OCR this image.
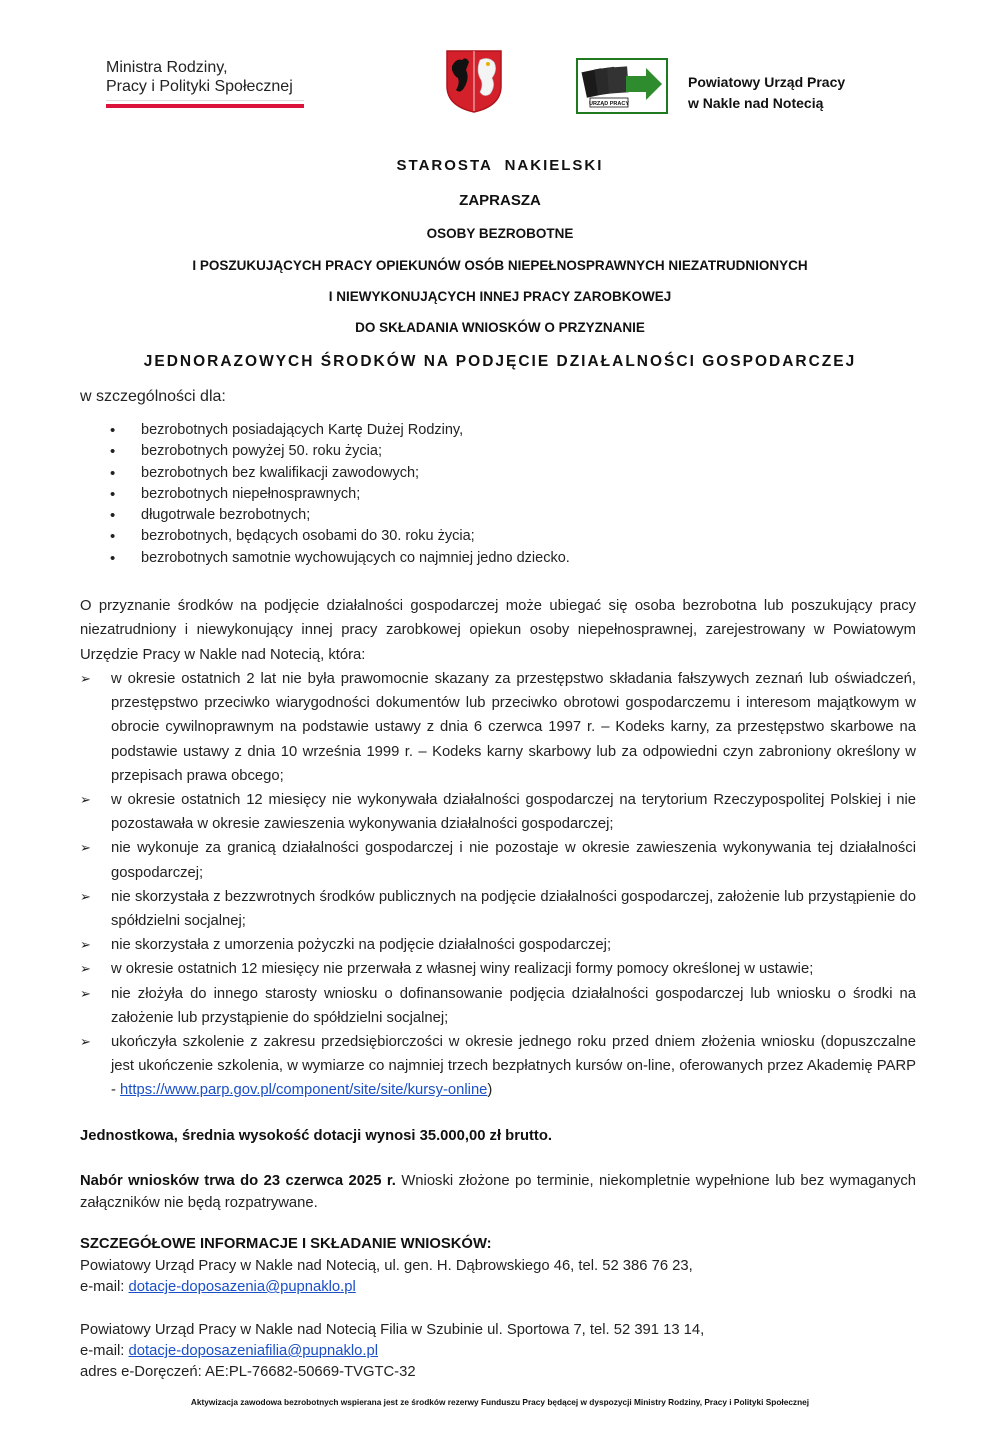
Ministra Rodziny,
Pracy i Polityki Społecznej
URZĄD PRACY
Powiatowy Urząd Pracy
w Nakle nad Notecią
STAROSTA  NAKIELSKI
ZAPRASZA
OSOBY BEZROBOTNE
I POSZUKUJĄCYCH PRACY OPIEKUNÓW OSÓB NIEPEŁNOSPRAWNYCH NIEZATRUDNIONYCH
I NIEWYKONUJĄCYCH INNEJ PRACY ZAROBKOWEJ
DO SKŁADANIA WNIOSKÓW O PRZYZNANIE
JEDNORAZOWYCH ŚRODKÓW NA PODJĘCIE DZIAŁALNOŚCI GOSPODARCZEJ
w szczególności dla:
• bezrobotnych posiadających Kartę Dużej Rodziny,
• bezrobotnych powyżej 50. roku życia;
• bezrobotnych bez kwalifikacji zawodowych;
• bezrobotnych niepełnosprawnych;
• długotrwale bezrobotnych;
• bezrobotnych, będących osobami do 30. roku życia;
• bezrobotnych samotnie wychowujących co najmniej jedno dziecko.
O przyznanie środków na podjęcie działalności gospodarczej może ubiegać się osoba bezrobotna lub poszukujący pracy niezatrudniony i niewykonujący innej pracy zarobkowej opiekun osoby niepełnosprawnej, zarejestrowany w Powiatowym Urzędzie Pracy w Nakle nad Notecią, która:
➢ w okresie ostatnich 2 lat nie była prawomocnie skazany za przestępstwo składania fałszywych zeznań lub oświadczeń, przestępstwo przeciwko wiarygodności dokumentów lub przeciwko obrotowi gospodarczemu i interesom majątkowym w obrocie cywilnoprawnym na podstawie ustawy z dnia 6 czerwca 1997 r. – Kodeks karny, za przestępstwo skarbowe na podstawie ustawy z dnia 10 września 1999 r. – Kodeks karny skarbowy lub za odpowiedni czyn zabroniony określony w przepisach prawa obcego;
➢ w okresie ostatnich 12 miesięcy nie wykonywała działalności gospodarczej na terytorium Rzeczypospolitej Polskiej i nie pozostawała w okresie zawieszenia wykonywania działalności gospodarczej;
➢ nie wykonuje za granicą działalności gospodarczej i nie pozostaje w okresie zawieszenia wykonywania tej działalności gospodarczej;
➢ nie skorzystała z bezzwrotnych środków publicznych na podjęcie działalności gospodarczej, założenie lub przystąpienie do spółdzielni socjalnej;
➢ nie skorzystała z umorzenia pożyczki na podjęcie działalności gospodarczej;
➢ w okresie ostatnich 12 miesięcy nie przerwała z własnej winy realizacji formy pomocy określonej w ustawie;
➢ nie złożyła do innego starosty wniosku o dofinansowanie podjęcia działalności gospodarczej lub wniosku o środki na założenie lub przystąpienie do spółdzielni socjalnej;
➢ ukończyła szkolenie z zakresu przedsiębiorczości w okresie jednego roku przed dniem złożenia wniosku (dopuszczalne jest ukończenie szkolenia, w wymiarze co najmniej trzech bezpłatnych kursów on-line, oferowanych przez Akademię PARP - https://www.parp.gov.pl/component/site/site/kursy-online)
Jednostkowa, średnia wysokość dotacji wynosi 35.000,00 zł brutto.
Nabór wniosków trwa do 23 czerwca 2025 r. Wnioski złożone po terminie, niekompletnie wypełnione lub bez wymaganych załączników nie będą rozpatrywane.
SZCZEGÓŁOWE INFORMACJE I SKŁADANIE WNIOSKÓW:
Powiatowy Urząd Pracy w Nakle nad Notecią, ul. gen. H. Dąbrowskiego 46, tel. 52 386 76 23,
e-mail: dotacje-doposazenia@pupnaklo.pl
Powiatowy Urząd Pracy w Nakle nad Notecią Filia w Szubinie ul. Sportowa 7, tel. 52 391 13 14,
e-mail: dotacje-doposazeniafilia@pupnaklo.pl
adres e-Doręczeń: AE:PL-76682-50669-TVGTC-32
Aktywizacja zawodowa bezrobotnych wspierana jest ze środków rezerwy Funduszu Pracy będącej w dyspozycji Ministry Rodziny, Pracy i Polityki Społecznej
